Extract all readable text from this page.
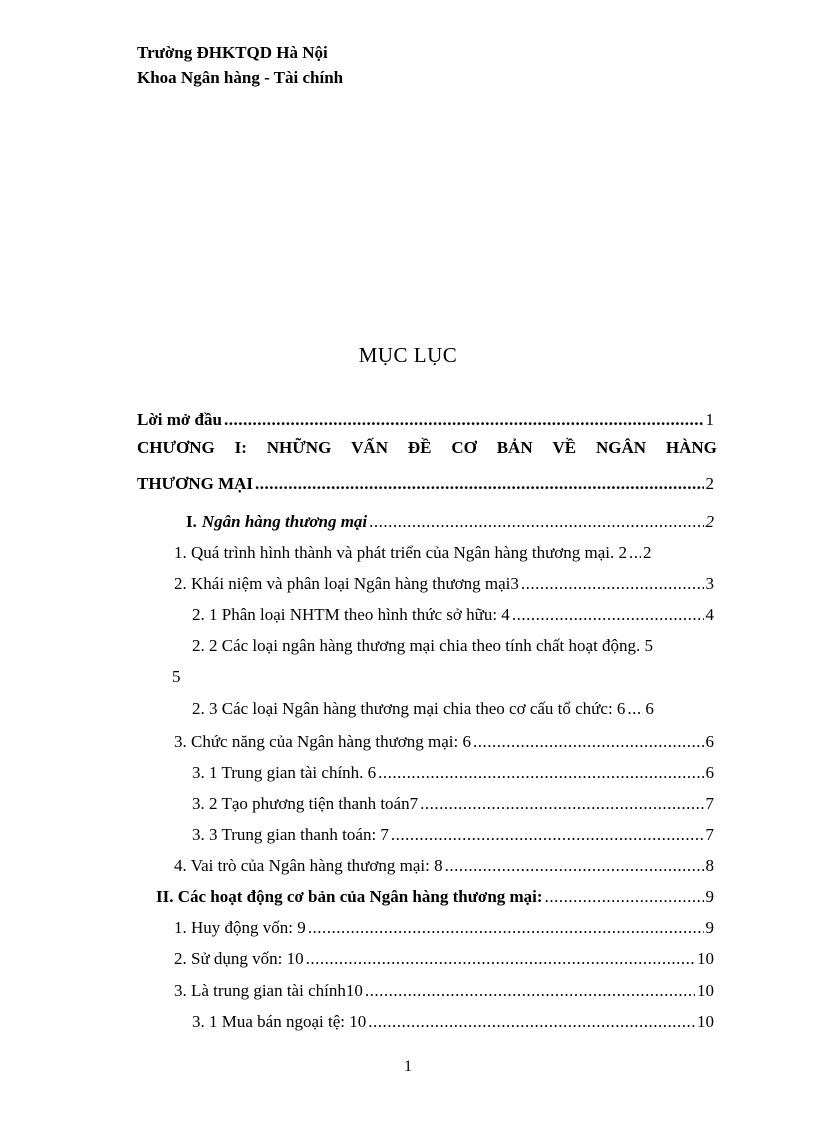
Trường ĐHKTQD Hà Nội
Khoa Ngân hàng - Tài chính
MỤC LỤC
Lời mở đầu .....	1
CHƯƠNG I: NHỮNG VẤN ĐỀ CƠ BẢN VỀ NGÂN HÀNG
THƯƠNG MẠI .....	2
I. Ngân hàng thương mại .....	2
1. Quá trình hình thành và phát triển của Ngân hàng thương mại. 2 ..... 2
2. Khái niệm và phân loại Ngân hàng thương mại3 .....	3
2. 1 Phân loại NHTM theo hình thức sở hữu: 4 .....	4
2. 2 Các loại ngân hàng thương mại chia theo tính chất hoạt động. 5
5
2. 3 Các loại Ngân hàng thương mại chia theo cơ cấu tổ chức: 6 ..... 6
3. Chức năng của Ngân hàng thương mại: 6 .....	6
3. 1 Trung gian tài chính. 6 .....	6
3. 2 Tạo phương tiện thanh toán7 .....	7
3. 3 Trung gian thanh toán: 7 .....	7
4. Vai trò của Ngân hàng thương mại: 8 .....	8
II. Các hoạt động cơ bản của Ngân hàng thương mại: .....	9
1. Huy động vốn: 9 .....	9
2. Sử dụng vốn: 10 .....	10
3. Là trung gian tài chính10 .....	10
3. 1 Mua bán ngoại tệ: 10 .....	10
1
